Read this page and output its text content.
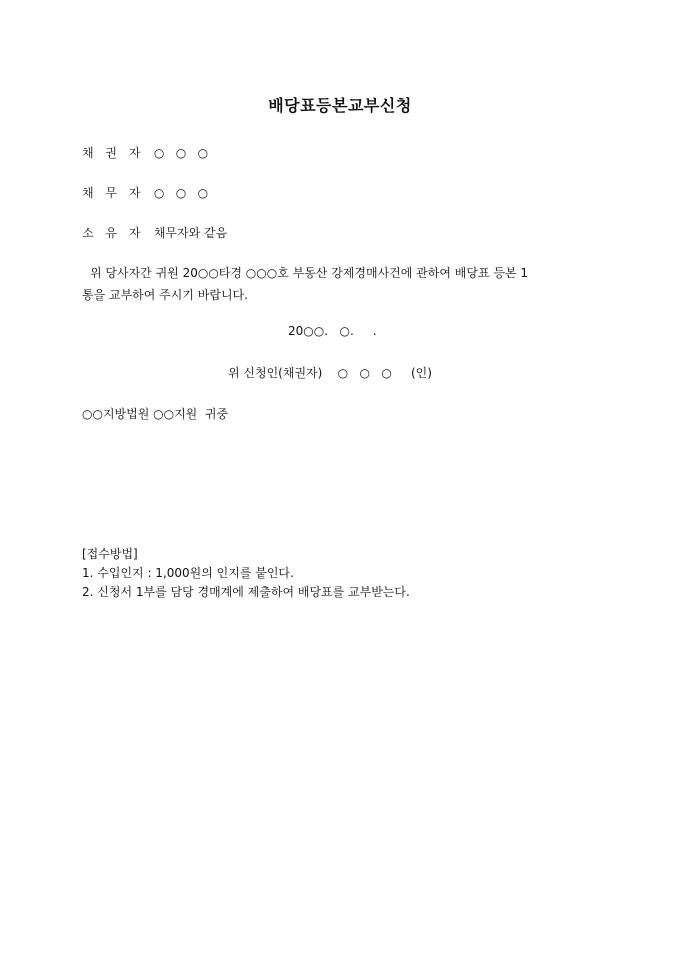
배당표등본교부신청
채 권 자 ○   ○   ○
채 무 자 ○   ○   ○
소 유 자 채무자와 같음
위 당사자간 귀원 20○○타경 ○○○호 부동산 강제경매사건에 관하여 배당표 등본 1
통을 교부하여 주시기 바랍니다.
20○○.   ○.     .
위 신청인(채권자)    ○   ○   ○     (인)
○○지방법원 ○○지원  귀중
[접수방법]
1. 수입인지 : 1,000원의 인지를 붙인다.
2. 신청서 1부를 담당 경매계에 제출하여 배당표를 교부받는다.
